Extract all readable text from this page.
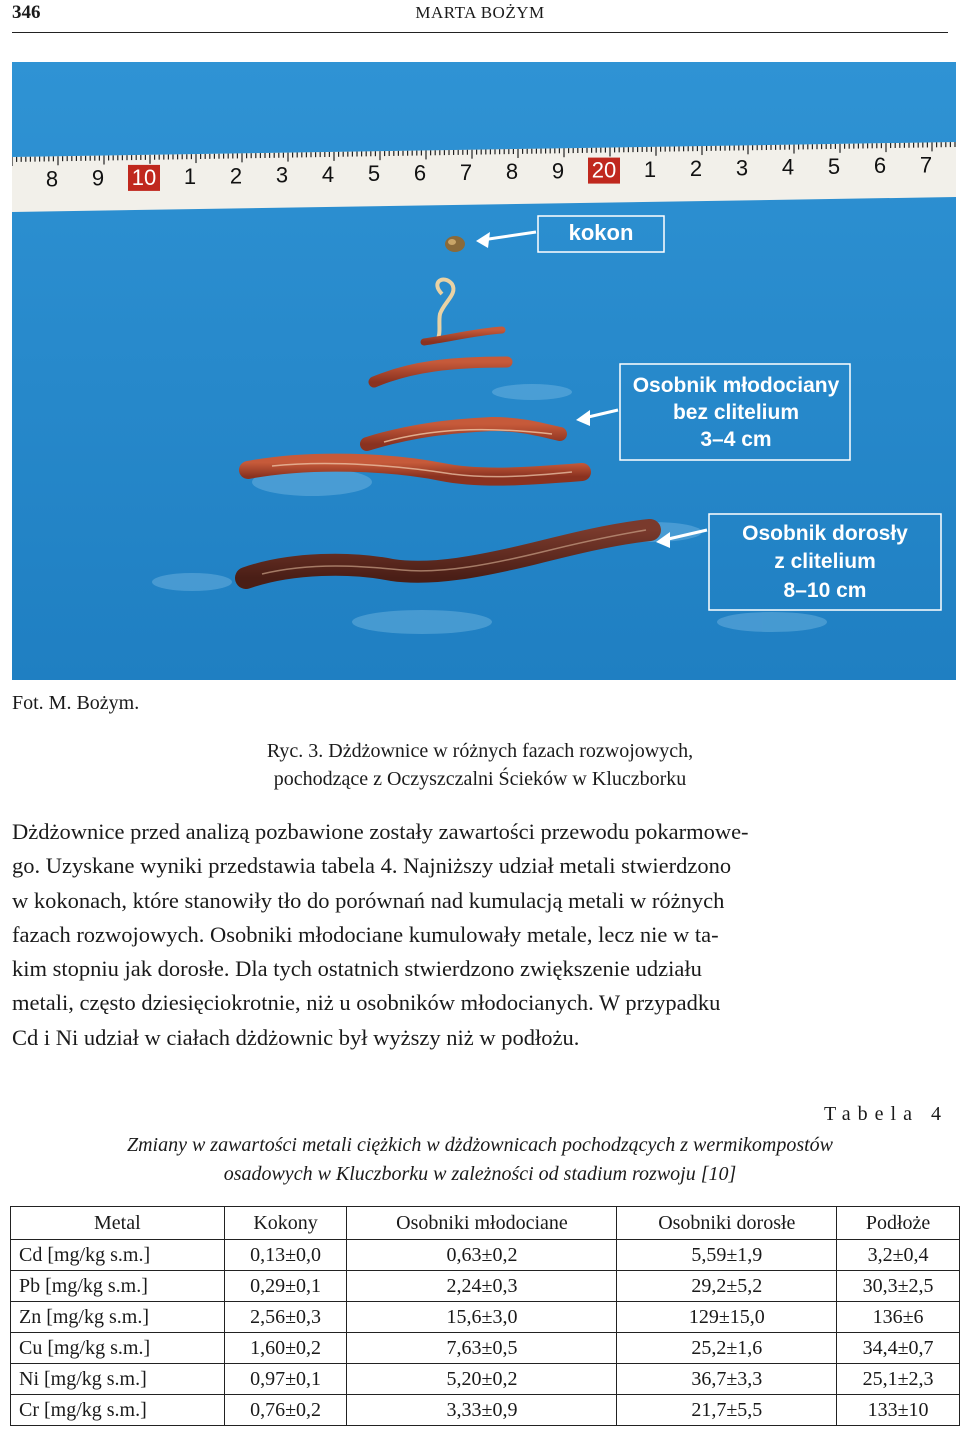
346	MARTA BOŻYM
8 9 10 1 2 3 4 5 6 7 8 9 20 1 2 3 4 5 6 7
kokon
Osobnik młodociany
bez clitelium
3–4 cm
Osobnik dorosły
z clitelium
8–10 cm
Fot. M. Bożym.
Ryc. 3. Dżdżownice w różnych fazach rozwojowych,
pochodzące z Oczyszczalni Ścieków w Kluczborku
Dżdżownice przed analizą pozbawione zostały zawartości przewodu pokarmowe-
go. Uzyskane wyniki przedstawia tabela 4. Najniższy udział metali stwierdzono
w kokonach, które stanowiły tło do porównań nad kumulacją metali w różnych
fazach rozwojowych. Osobniki młodociane kumulowały metale, lecz nie w ta-
kim stopniu jak dorosłe. Dla tych ostatnich stwierdzono zwiększenie udziału
metali, często dziesięciokrotnie, niż u osobników młodocianych. W przypadku
Cd i Ni udział w ciałach dżdżownic był wyższy niż w podłożu.
Tabela 4
Zmiany w zawartości metali ciężkich w dżdżownicach pochodzących z wermikompostów
osadowych w Kluczborku w zależności od stadium rozwoju [10]
Metal	Kokony	Osobniki młodociane	Osobniki dorosłe	Podłoże
Cd [mg/kg s.m.]	0,13±0,0	0,63±0,2	5,59±1,9	3,2±0,4
Pb [mg/kg s.m.]	0,29±0,1	2,24±0,3	29,2±5,2	30,3±2,5
Zn [mg/kg s.m.]	2,56±0,3	15,6±3,0	129±15,0	136±6
Cu [mg/kg s.m.]	1,60±0,2	7,63±0,5	25,2±1,6	34,4±0,7
Ni [mg/kg s.m.]	0,97±0,1	5,20±0,2	36,7±3,3	25,1±2,3
Cr [mg/kg s.m.]	0,76±0,2	3,33±0,9	21,7±5,5	133±10
